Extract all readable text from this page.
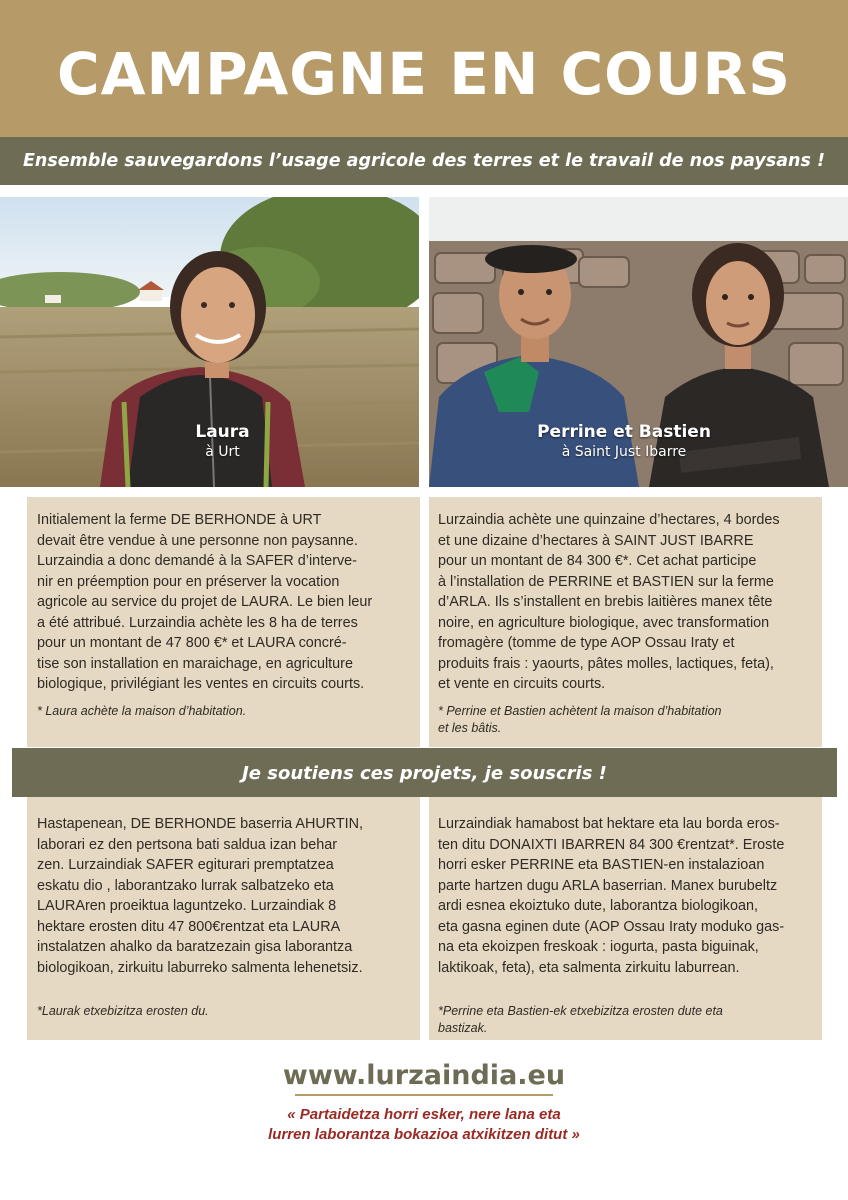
CAMPAGNE EN COURS
Ensemble sauvegardons l’usage agricole des terres et le travail de nos paysans !
Laura
à Urt
Perrine et Bastien
à Saint Just Ibarre
Initialement la ferme DE BERHONDE à URT
devait être vendue à une personne non paysanne.
Lurzaindia a donc demandé à la SAFER d’interve-
nir en préemption pour en préserver la vocation
agricole au service du projet de LAURA. Le bien leur
a été attribué. Lurzaindia achète les 8 ha de terres
pour un montant de 47 800 €* et LAURA concré-
tise son installation en maraichage, en agriculture
biologique, privilégiant les ventes en circuits courts.
* Laura achète la maison d’habitation.
Lurzaindia achète une quinzaine d’hectares, 4 bordes
et une dizaine d’hectares à SAINT JUST IBARRE
pour un montant de 84 300 €*. Cet achat participe
à l’installation de PERRINE et BASTIEN sur la ferme
d’ARLA. Ils s’installent en brebis laitières manex tête
noire, en agriculture biologique, avec transformation
fromagère (tomme de type AOP Ossau Iraty et
produits frais : yaourts, pâtes molles, lactiques, feta),
et vente en circuits courts.
* Perrine et Bastien achètent la maison d’habitation
et les bâtis.
Je soutiens ces projets, je souscris !
Hastapenean, DE BERHONDE baserria AHURTIN,
laborari ez den pertsona bati saldua izan behar
zen. Lurzaindiak SAFER egiturari premptatzea
eskatu dio , laborantzako lurrak salbatzeko eta
LAURAren proeiktua laguntzeko. Lurzaindiak 8
hektare erosten ditu 47 800€rentzat eta LAURA
instalatzen ahalko da baratzezain gisa laborantza
biologikoan, zirkuitu laburreko salmenta lehenetsiz.
*Laurak etxebizitza erosten du.
Lurzaindiak hamabost bat hektare eta lau borda eros-
ten ditu DONAIXTI IBARREN 84 300 €rentzat*. Eroste
horri esker PERRINE eta BASTIEN-en instalazioan
parte hartzen dugu ARLA baserrian. Manex burubeltz
ardi esnea ekoiztuko dute, laborantza biologikoan,
eta gasna eginen dute (AOP Ossau Iraty moduko gas-
na eta ekoizpen freskoak : iogurta, pasta biguinak,
laktikoak, feta), eta salmenta zirkuitu laburrean.
*Perrine eta Bastien-ek etxebizitza erosten dute eta
bastizak.
www.lurzaindia.eu
« Partaidetza horri esker, nere lana eta
lurren laborantza bokazioa atxikitzen ditut »
